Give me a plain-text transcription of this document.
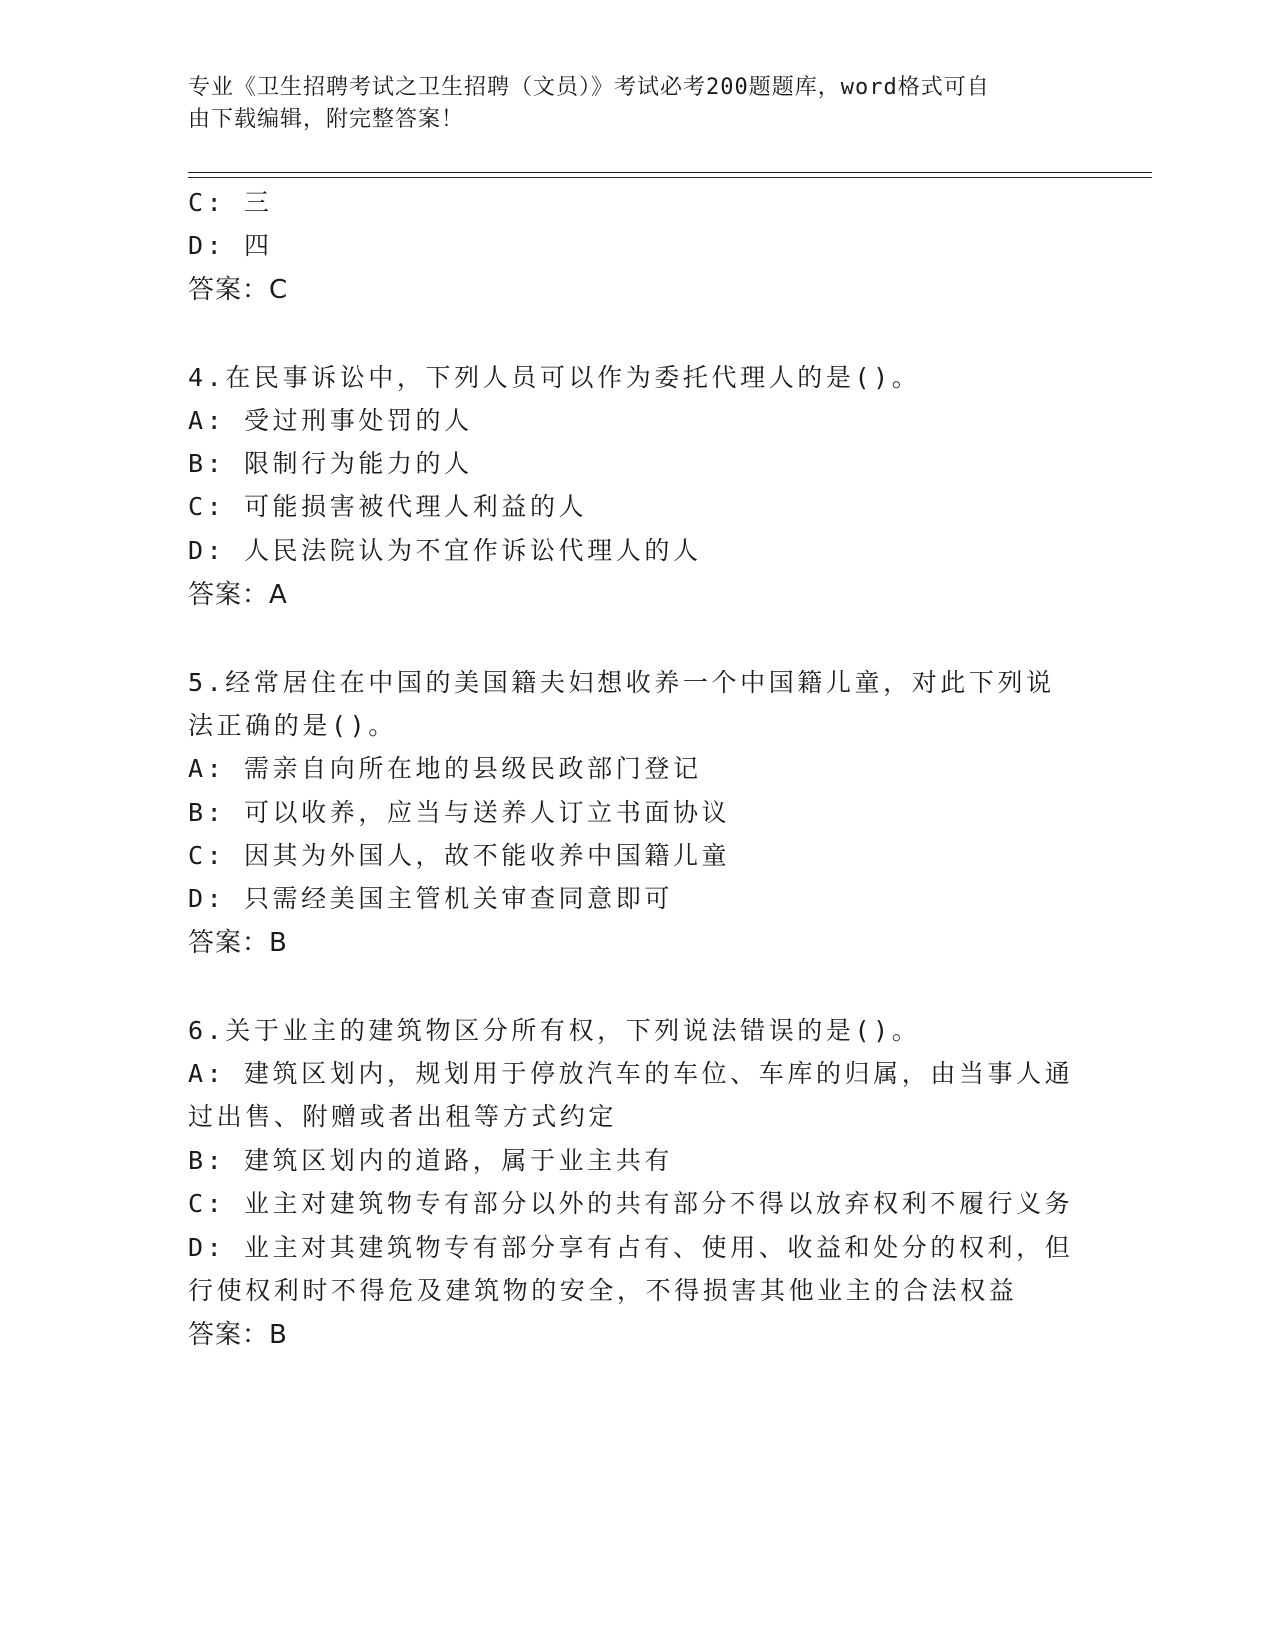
专业《卫生招聘考试之卫生招聘（文员）》考试必考200题题库，word格式可自
由下载编辑，附完整答案！
C: 三
D: 四
答案：C
4.在民事诉讼中，下列人员可以作为委托代理人的是()。
A: 受过刑事处罚的人
B: 限制行为能力的人
C: 可能损害被代理人利益的人
D: 人民法院认为不宜作诉讼代理人的人
答案：A
5.经常居住在中国的美国籍夫妇想收养一个中国籍儿童，对此下列说
法正确的是()。
A: 需亲自向所在地的县级民政部门登记
B: 可以收养，应当与送养人订立书面协议
C: 因其为外国人，故不能收养中国籍儿童
D: 只需经美国主管机关审查同意即可
答案：B
6.关于业主的建筑物区分所有权，下列说法错误的是()。
A: 建筑区划内，规划用于停放汽车的车位、车库的归属，由当事人通
过出售、附赠或者出租等方式约定
B: 建筑区划内的道路，属于业主共有
C: 业主对建筑物专有部分以外的共有部分不得以放弃权利不履行义务
D: 业主对其建筑物专有部分享有占有、使用、收益和处分的权利，但
行使权利时不得危及建筑物的安全，不得损害其他业主的合法权益
答案：B
